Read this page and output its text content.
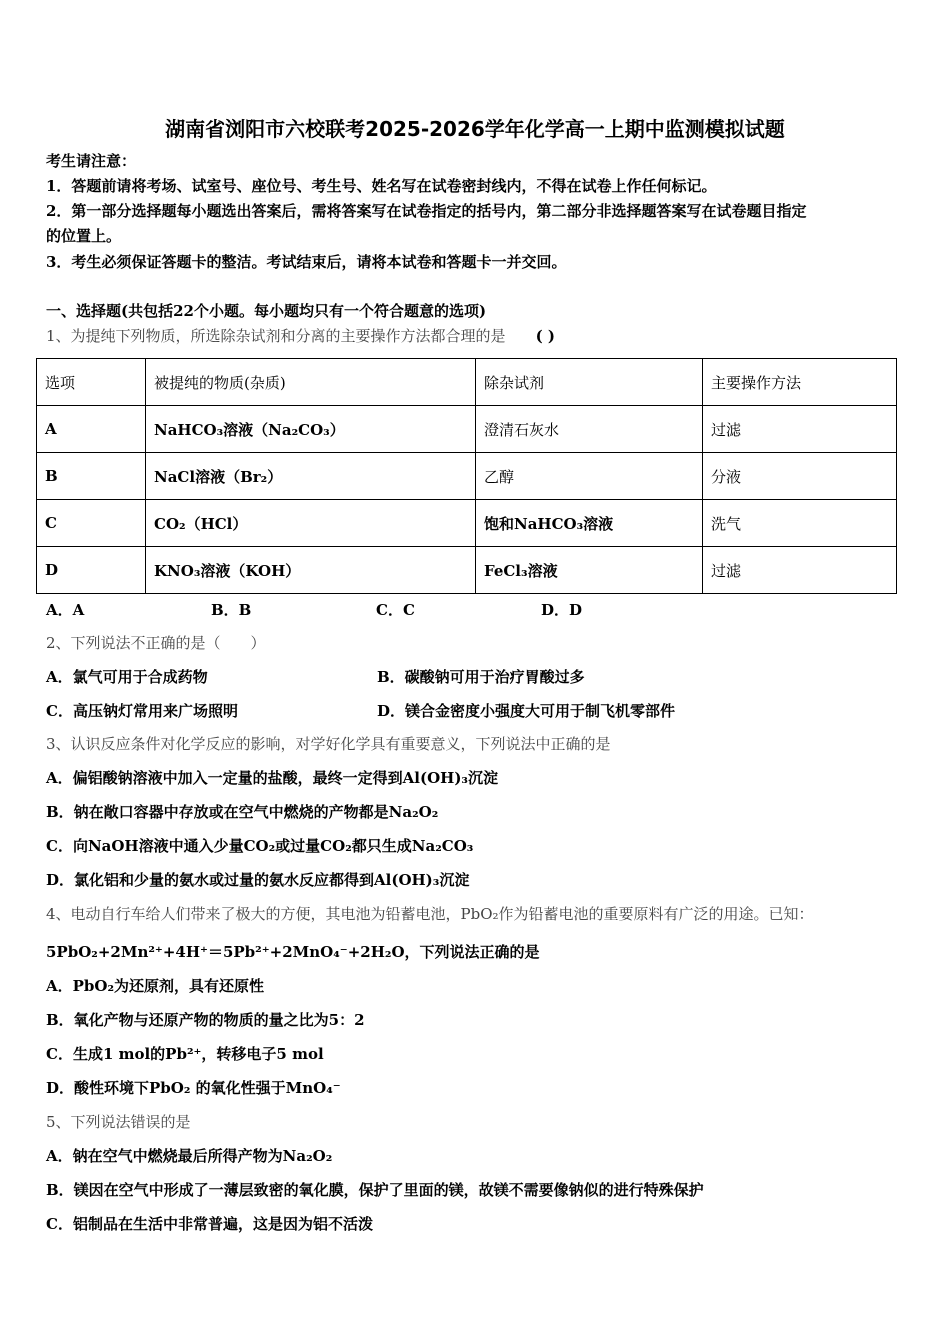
湖南省浏阳市六校联考2025-2026学年化学高一上期中监测模拟试题
考生请注意：
1．答题前请将考场、试室号、座位号、考生号、姓名写在试卷密封线内，不得在试卷上作任何标记。
2．第一部分选择题每小题选出答案后，需将答案写在试卷指定的括号内，第二部分非选择题答案写在试卷题目指定
的位置上。
3．考生必须保证答题卡的整洁。考试结束后，请将本试卷和答题卡一并交回。
一、选择题(共包括22个小题。每小题均只有一个符合题意的选项)
1、为提纯下列物质，所选除杂试剂和分离的主要操作方法都合理的是　　 ( )
选项	被提纯的物质(杂质)	除杂试剂	主要操作方法
A	NaHCO₃溶液（Na₂CO₃）	澄清石灰水	过滤
B	NaCl溶液（Br₂）	乙醇	分液
C	CO₂（HCl）	饱和NaHCO₃溶液	洗气
D	KNO₃溶液（KOH）	FeCl₃溶液	过滤
A．A	B．B	C．C	D．D
2、下列说法不正确的是（　　）
A．氯气可用于合成药物	B．碳酸钠可用于治疗胃酸过多
C．高压钠灯常用来广场照明	D．镁合金密度小强度大可用于制飞机零部件
3、认识反应条件对化学反应的影响，对学好化学具有重要意义，下列说法中正确的是
A．偏铝酸钠溶液中加入一定量的盐酸，最终一定得到Al(OH)₃沉淀
B．钠在敞口容器中存放或在空气中燃烧的产物都是Na₂O₂
C．向NaOH溶液中通入少量CO₂或过量CO₂都只生成Na₂CO₃
D．氯化铝和少量的氨水或过量的氨水反应都得到Al(OH)₃沉淀
4、电动自行车给人们带来了极大的方便，其电池为铅蓄电池，PbO₂作为铅蓄电池的重要原料有广泛的用途。已知：
5PbO₂+2Mn²⁺+4H⁺＝5Pb²⁺+2MnO₄⁻+2H₂O，下列说法正确的是
A．PbO₂为还原剂，具有还原性
B．氧化产物与还原产物的物质的量之比为5：2
C．生成1 mol的Pb²⁺，转移电子5 mol
D．酸性环境下PbO₂ 的氧化性强于MnO₄⁻
5、下列说法错误的是
A．钠在空气中燃烧最后所得产物为Na₂O₂
B．镁因在空气中形成了一薄层致密的氧化膜，保护了里面的镁，故镁不需要像钠似的进行特殊保护
C．铝制品在生活中非常普遍，这是因为铝不活泼
